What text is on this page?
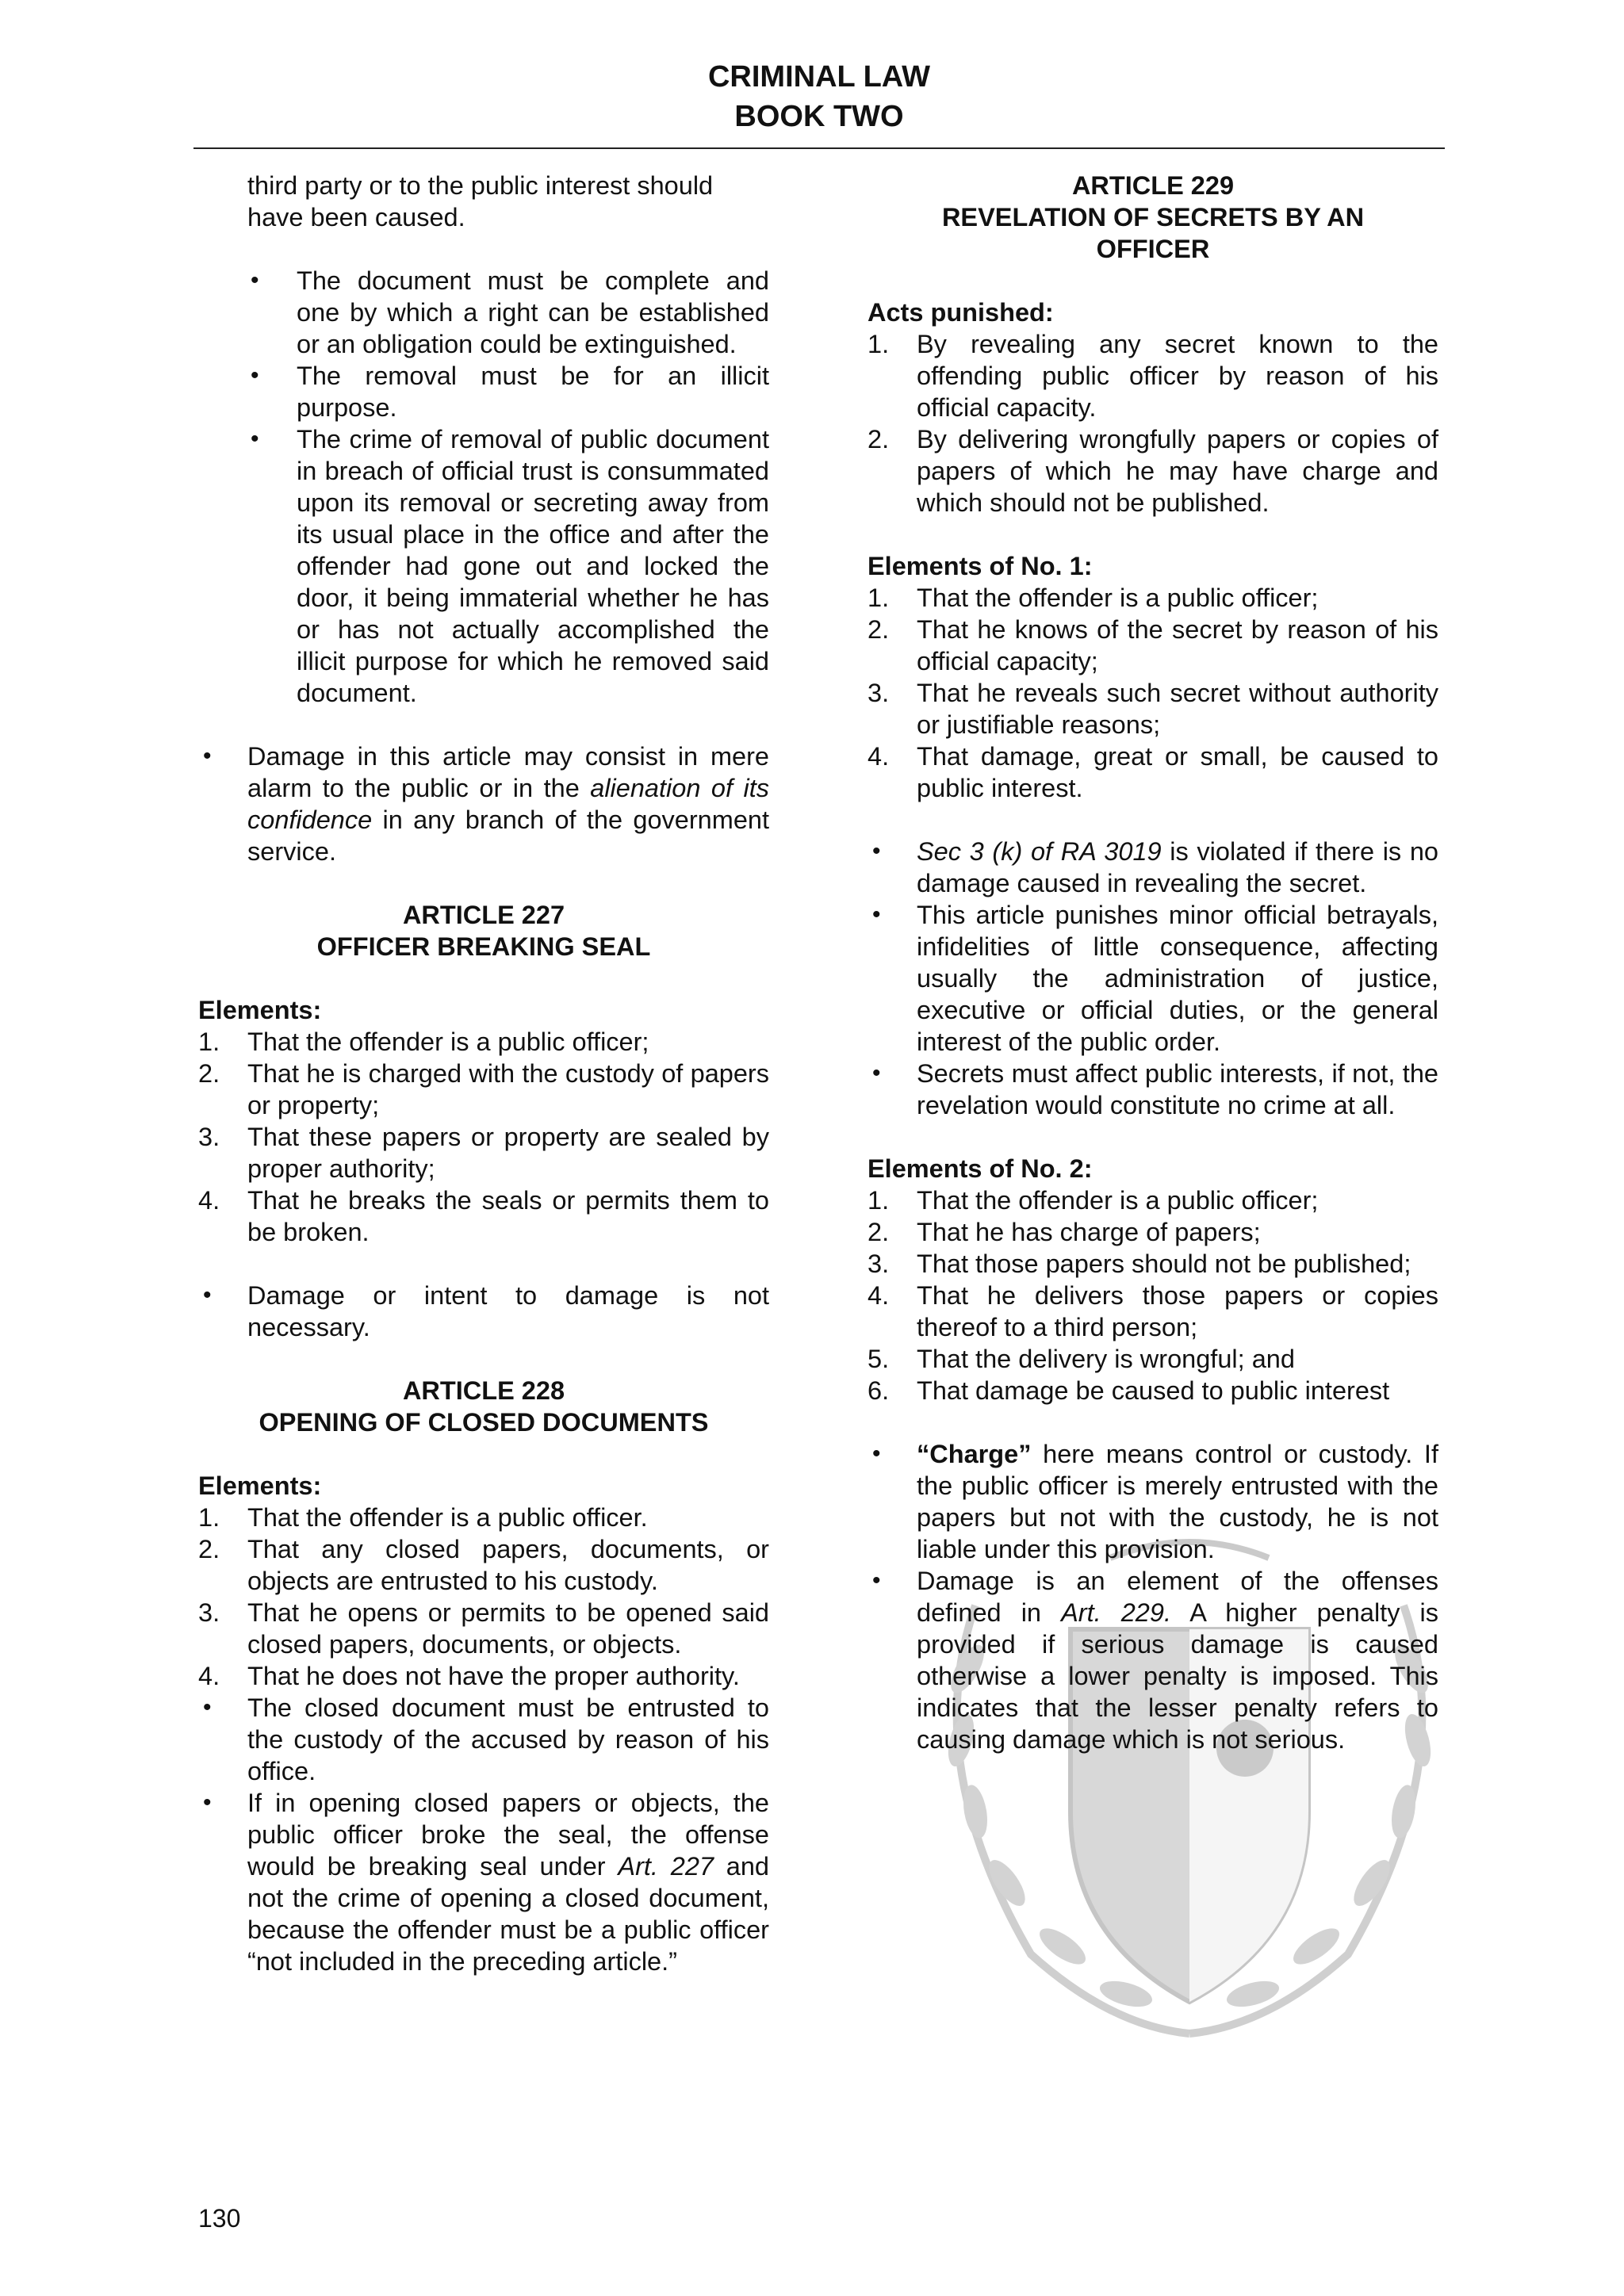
CRIMINAL LAW
BOOK TWO
third party or to the public interest should
have been caused.
• The document must be complete and one by which a right can be established or an obligation could be extinguished.
• The removal must be for an illicit purpose.
• The crime of removal of public document in breach of official trust is consummated upon its removal or secreting away from its usual place in the office and after the offender had gone out and locked the door, it being immaterial whether he has or has not actually accomplished the illicit purpose for which he removed said document.
• Damage in this article may consist in mere alarm to the public or in the alienation of its confidence in any branch of the government service.
ARTICLE 227
OFFICER BREAKING SEAL
Elements:
1. That the offender is a public officer;
2. That he is charged with the custody of papers or property;
3. That these papers or property are sealed by proper authority;
4. That he breaks the seals or permits them to be broken.
• Damage or intent to damage is not necessary.
ARTICLE 228
OPENING OF CLOSED DOCUMENTS
Elements:
1. That the offender is a public officer.
2. That any closed papers, documents, or objects are entrusted to his custody.
3. That he opens or permits to be opened said closed papers, documents, or objects.
4. That he does not have the proper authority.
• The closed document must be entrusted to the custody of the accused by reason of his office.
• If in opening closed papers or objects, the public officer broke the seal, the offense would be breaking seal under Art. 227 and not the crime of opening a closed document, because the offender must be a public officer “not included in the preceding article.”
ARTICLE 229
REVELATION OF SECRETS BY AN
OFFICER
Acts punished:
1. By revealing any secret known to the offending public officer by reason of his official capacity.
2. By delivering wrongfully papers or copies of papers of which he may have charge and which should not be published.
Elements of No. 1:
1. That the offender is a public officer;
2. That he knows of the secret by reason of his official capacity;
3. That he reveals such secret without authority or justifiable reasons;
4. That damage, great or small, be caused to public interest.
• Sec 3 (k) of RA 3019 is violated if there is no damage caused in revealing the secret.
• This article punishes minor official betrayals, infidelities of little consequence, affecting usually the administration of justice, executive or official duties, or the general interest of the public order.
• Secrets must affect public interests, if not, the revelation would constitute no crime at all.
Elements of No. 2:
1. That the offender is a public officer;
2. That he has charge of papers;
3. That those papers should not be published;
4. That he delivers those papers or copies thereof to a third person;
5. That the delivery is wrongful; and
6. That damage be caused to public interest
• “Charge” here means control or custody. If the public officer is merely entrusted with the papers but not with the custody, he is not liable under this provision.
• Damage is an element of the offenses defined in Art. 229. A higher penalty is provided if serious damage is caused otherwise a lower penalty is imposed. This indicates that the lesser penalty refers to causing damage which is not serious.
130
